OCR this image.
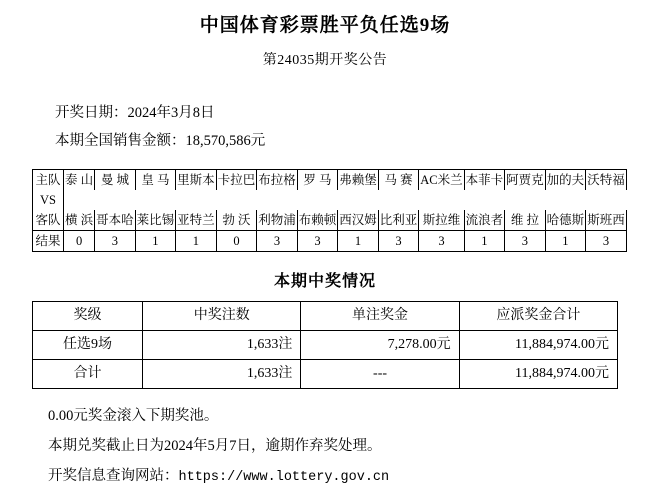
中国体育彩票胜平负任选9场
第24035期开奖公告
开奖日期：2024年3月8日
本期全国销售金额：18,570,586元
主队	泰 山	曼 城	皇 马	里斯本	卡拉巴	布拉格	罗 马	弗赖堡	马 赛	AC米兰	本菲卡	阿贾克	加的夫	沃特福
VS														
客队	横 浜	哥本哈	莱比锡	亚特兰	勃 沃	利物浦	布赖顿	西汉姆	比利亚	斯拉维	流浪者	维 拉	哈德斯	斯班西
结果	0	3	1	1	0	3	3	1	3	3	1	3	1	3
本期中奖情况
奖级	中奖注数	单注奖金	应派奖金合计
任选9场	1,633注	7,278.00元	11,884,974.00元
合计	1,633注	---	11,884,974.00元
0.00元奖金滚入下期奖池。
本期兑奖截止日为2024年5月7日，逾期作弃奖处理。
开奖信息查询网站：https://www.lottery.gov.cn
